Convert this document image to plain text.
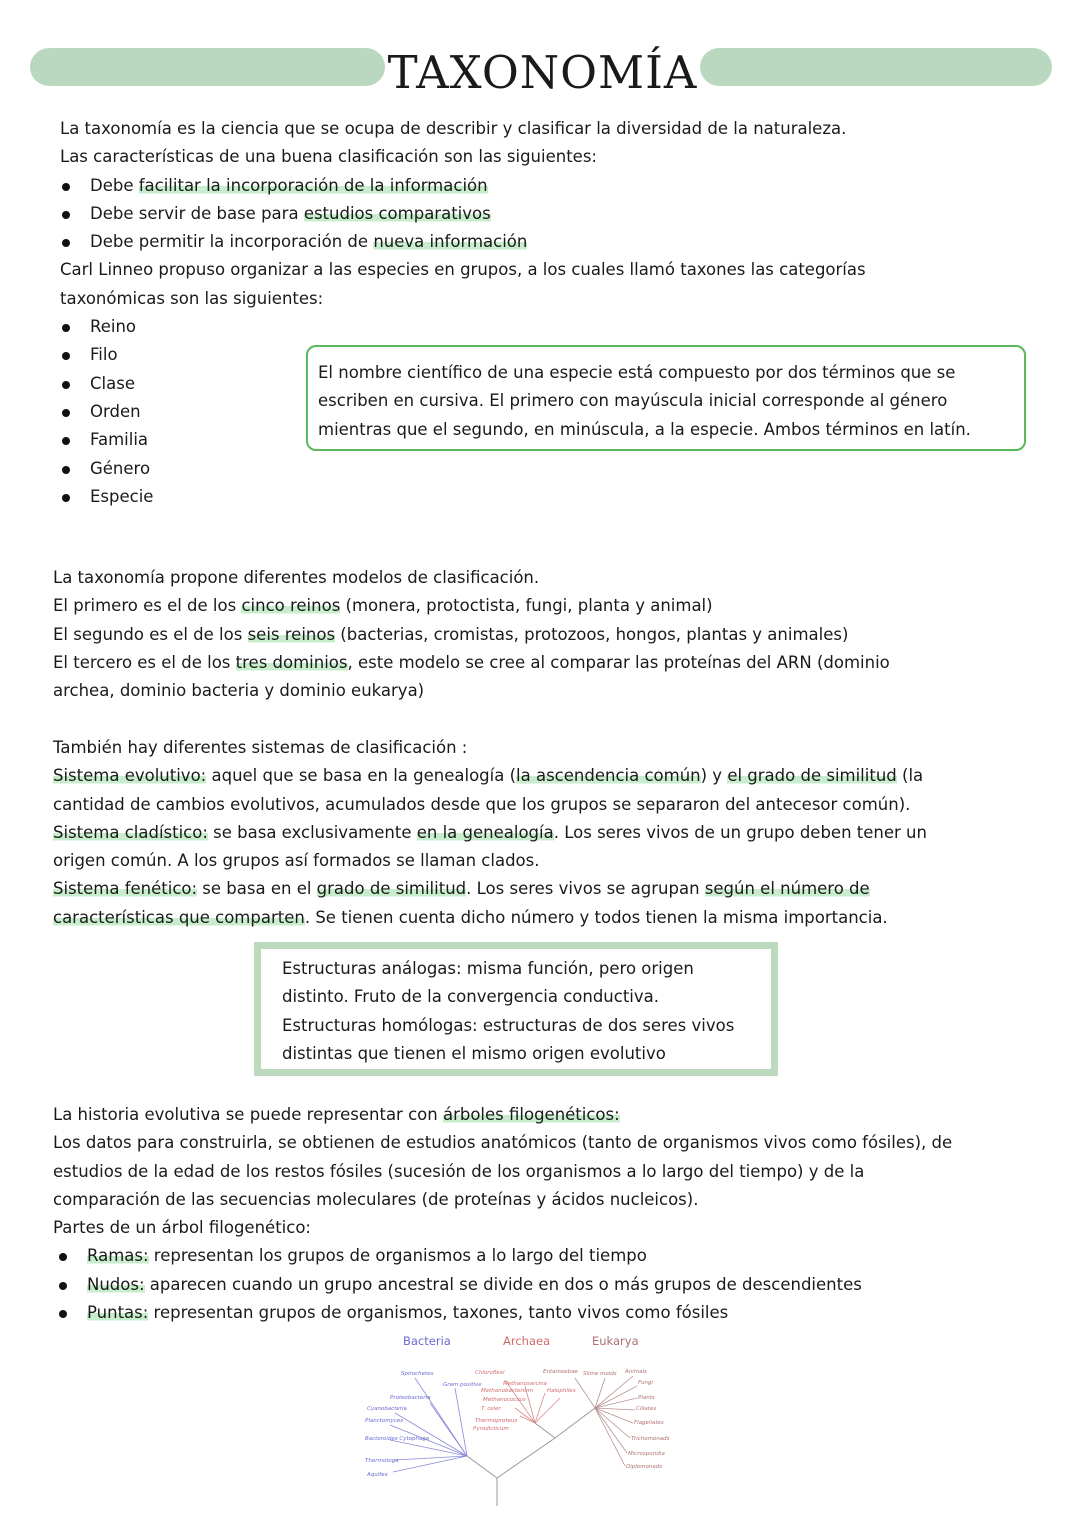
TAXONOMÍA

La taxonomía es la ciencia que se ocupa de describir y clasificar la diversidad de la naturaleza.

Las características de una buena clasificación son las siguientes:

Debe facilitar la incorporación de la información
Debe servir de base para estudios comparativos
Debe permitir la incorporación de nueva información

Carl Linneo propuso organizar a las especies en grupos, a los cuales llamó taxones las categorías

taxonómicas son las siguientes:

Reino
Filo
Clase
Orden
Familia
Género
Especie

El nombre científico de una especie está compuesto por dos términos que se

escriben en cursiva. El primero con mayúscula inicial corresponde al género

mientras que el segundo, en minúscula, a la especie. Ambos términos en latín.

La taxonomía propone diferentes modelos de clasificación.

El primero es el de los cinco reinos (monera, protoctista, fungi, planta y animal)

El segundo es el de los seis reinos (bacterias, cromistas, protozoos, hongos, plantas y animales)

El tercero es el de los tres dominios, este modelo se cree al comparar las proteínas del ARN (dominio

archea, dominio bacteria y dominio eukarya)

También hay diferentes sistemas de clasificación :

Sistema evolutivo: aquel que se basa en la genealogía (la ascendencia común) y el grado de similitud (la

cantidad de cambios evolutivos, acumulados desde que los grupos se separaron del antecesor común).

Sistema cladístico: se basa exclusivamente en la genealogía. Los seres vivos de un grupo deben tener un

origen común. A los grupos así formados se llaman clados.

Sistema fenético: se basa en el grado de similitud. Los seres vivos se agrupan según el número de

características que comparten. Se tienen cuenta dicho número y todos tienen la misma importancia.

Estructuras análogas: misma función, pero origen

distinto. Fruto de la convergencia conductiva.

Estructuras homólogas: estructuras de dos seres vivos

distintas que tienen el mismo origen evolutivo

La historia evolutiva se puede representar con árboles filogenéticos:

Los datos para construirla, se obtienen de estudios anatómicos (tanto de organismos vivos como fósiles), de

estudios de la edad de los restos fósiles (sucesión de los organismos a lo largo del tiempo) y de la

comparación de las secuencias moleculares (de proteínas y ácidos nucleicos).

Partes de un árbol filogenético:

Ramas: representan los grupos de organismos a lo largo del tiempo
Nudos: aparecen cuando un grupo ancestral se divide en dos o más grupos de descendientes
Puntas: representan grupos de organismos, taxones, tanto vivos como fósiles
Bacteria	Archaea	Eukarya
Spirochetes
Gram positive
Proteobacteria
Cyanobacteria
Planctomyces
Bacteroides Cytophaga
Thermotoga
Aquifex
Chloroflexi
Methanosarcina
Methanobacterium	Halophiles
Methanococcus
T. celer
Thermoproteus
Pyrodicticum
Entamoebae Slime molds Animals
Fungi
Plants
Ciliates
Flagellates
Trichomonads
Microsporidia
Diplomonads
